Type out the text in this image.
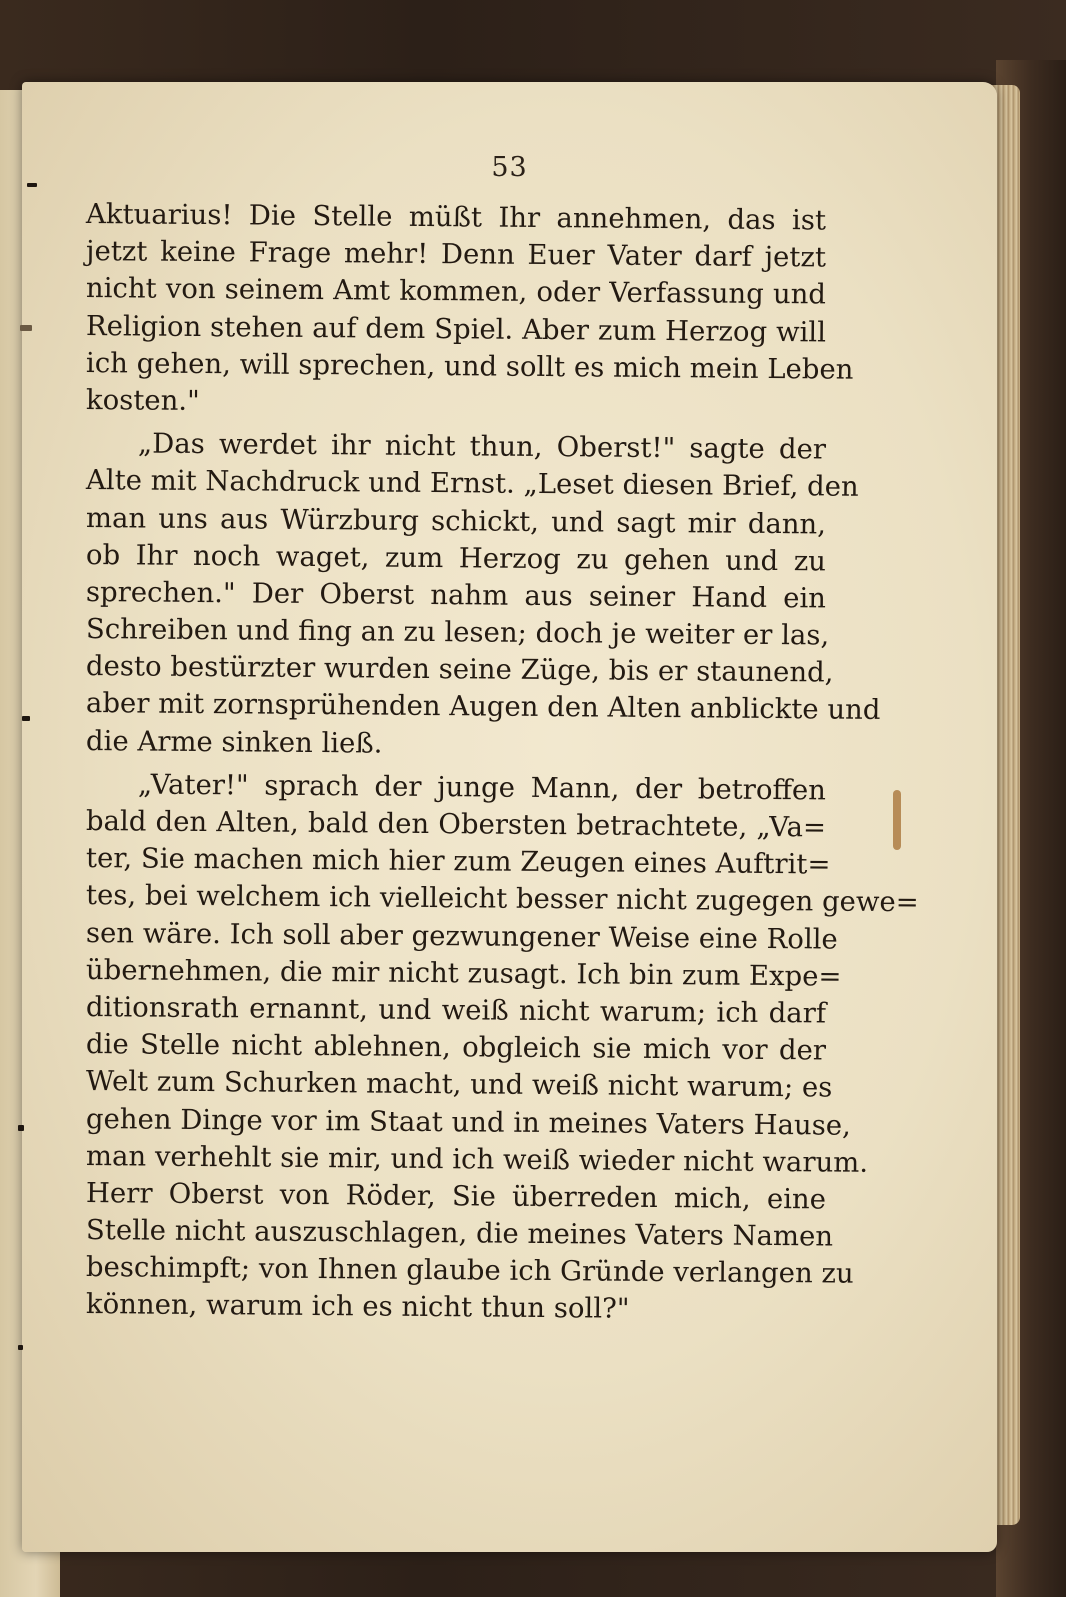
53
Aktuarius! Die Stelle müßt Ihr annehmen, das ist
jetzt keine Frage mehr! Denn Euer Vater darf jetzt
nicht von seinem Amt kommen, oder Verfassung und
Religion stehen auf dem Spiel. Aber zum Herzog will
ich gehen, will sprechen, und sollt es mich mein Leben
kosten."
„Das werdet ihr nicht thun, Oberst!" sagte der
Alte mit Nachdruck und Ernst. „Leset diesen Brief, den
man uns aus Würzburg schickt, und sagt mir dann,
ob Ihr noch waget, zum Herzog zu gehen und zu
sprechen." Der Oberst nahm aus seiner Hand ein
Schreiben und fing an zu lesen; doch je weiter er las,
desto bestürzter wurden seine Züge, bis er staunend,
aber mit zornsprühenden Augen den Alten anblickte und
die Arme sinken ließ.
„Vater!" sprach der junge Mann, der betroffen
bald den Alten, bald den Obersten betrachtete, „Va=
ter, Sie machen mich hier zum Zeugen eines Auftrit=
tes, bei welchem ich vielleicht besser nicht zugegen gewe=
sen wäre. Ich soll aber gezwungener Weise eine Rolle
übernehmen, die mir nicht zusagt. Ich bin zum Expe=
ditionsrath ernannt, und weiß nicht warum; ich darf
die Stelle nicht ablehnen, obgleich sie mich vor der
Welt zum Schurken macht, und weiß nicht warum; es
gehen Dinge vor im Staat und in meines Vaters Hause,
man verhehlt sie mir, und ich weiß wieder nicht warum.
Herr Oberst von Röder, Sie überreden mich, eine
Stelle nicht auszuschlagen, die meines Vaters Namen
beschimpft; von Ihnen glaube ich Gründe verlangen zu
können, warum ich es nicht thun soll?"
